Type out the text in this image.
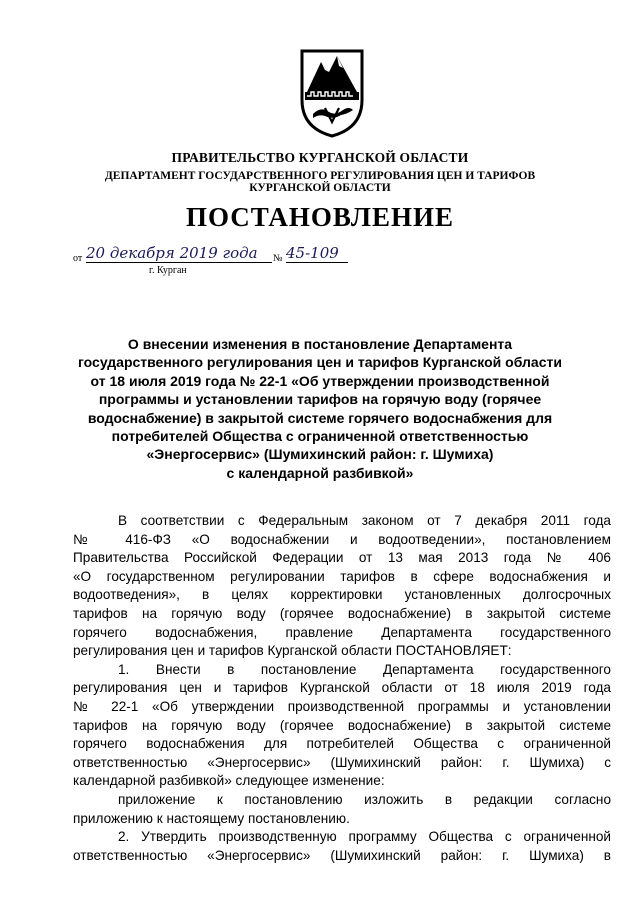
ПРАВИТЕЛЬСТВО КУРГАНСКОЙ ОБЛАСТИ
ДЕПАРТАМЕНТ ГОСУДАРСТВЕННОГО РЕГУЛИРОВАНИЯ ЦЕН И ТАРИФОВ
КУРГАНСКОЙ ОБЛАСТИ
ПОСТАНОВЛЕНИЕ
от 20 декабря 2019 года	№ 45-109
г. Курган
О внесении изменения в постановление Департамента
государственного регулирования цен и тарифов Курганской области
от 18 июля 2019 года № 22-1 «Об утверждении производственной
программы и установлении тарифов на горячую воду (горячее
водоснабжение) в закрытой системе горячего водоснабжения для
потребителей Общества с ограниченной ответственностью
«Энергосервис» (Шумихинский район: г. Шумиха)
с календарной разбивкой»
В соответствии с Федеральным законом от 7 декабря 2011 года
№ 416-ФЗ «О водоснабжении и водоотведении», постановлением
Правительства Российской Федерации от 13 мая 2013 года № 406
«О государственном регулировании тарифов в сфере водоснабжения и
водоотведения», в целях корректировки установленных долгосрочных
тарифов на горячую воду (горячее водоснабжение) в закрытой системе
горячего водоснабжения, правление Департамента государственного
регулирования цен и тарифов Курганской области ПОСТАНОВЛЯЕТ:
1. Внести в постановление Департамента государственного
регулирования цен и тарифов Курганской области от 18 июля 2019 года
№ 22-1 «Об утверждении производственной программы и установлении
тарифов на горячую воду (горячее водоснабжение) в закрытой системе
горячего водоснабжения для потребителей Общества с ограниченной
ответственностью «Энергосервис» (Шумихинский район: г. Шумиха) с
календарной разбивкой» следующее изменение:
приложение к постановлению изложить в редакции согласно
приложению к настоящему постановлению.
2. Утвердить производственную программу Общества с ограниченной
ответственностью «Энергосервис» (Шумихинский район: г. Шумиха) в
